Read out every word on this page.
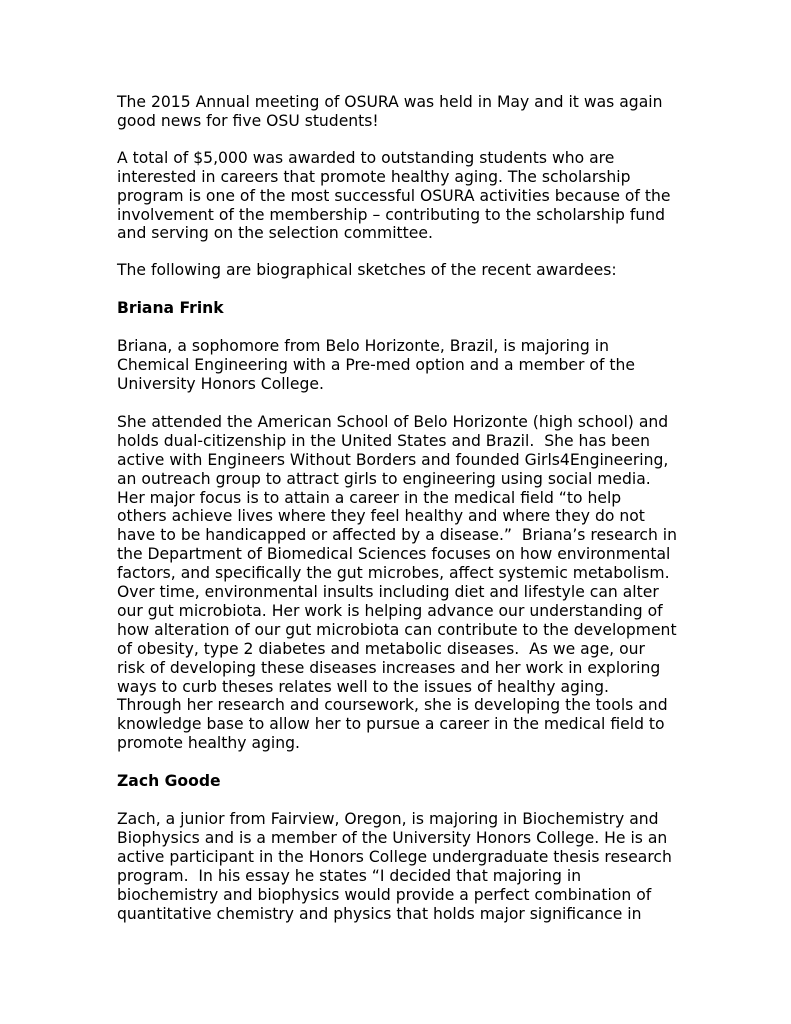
The 2015 Annual meeting of OSURA was held in May and it was again
good news for five OSU students!

A total of $5,000 was awarded to outstanding students who are
interested in careers that promote healthy aging. The scholarship
program is one of the most successful OSURA activities because of the
involvement of the membership – contributing to the scholarship fund
and serving on the selection committee.

The following are biographical sketches of the recent awardees:

Briana Frink

Briana, a sophomore from Belo Horizonte, Brazil, is majoring in
Chemical Engineering with a Pre-med option and a member of the
University Honors College.

She attended the American School of Belo Horizonte (high school) and
holds dual-citizenship in the United States and Brazil.  She has been
active with Engineers Without Borders and founded Girls4Engineering,
an outreach group to attract girls to engineering using social media.
Her major focus is to attain a career in the medical field “to help
others achieve lives where they feel healthy and where they do not
have to be handicapped or affected by a disease.”  Briana’s research in
the Department of Biomedical Sciences focuses on how environmental
factors, and specifically the gut microbes, affect systemic metabolism.
Over time, environmental insults including diet and lifestyle can alter
our gut microbiota. Her work is helping advance our understanding of
how alteration of our gut microbiota can contribute to the development
of obesity, type 2 diabetes and metabolic diseases.  As we age, our
risk of developing these diseases increases and her work in exploring
ways to curb theses relates well to the issues of healthy aging.
Through her research and coursework, she is developing the tools and
knowledge base to allow her to pursue a career in the medical field to
promote healthy aging.

Zach Goode

Zach, a junior from Fairview, Oregon, is majoring in Biochemistry and
Biophysics and is a member of the University Honors College. He is an
active participant in the Honors College undergraduate thesis research
program.  In his essay he states “I decided that majoring in
biochemistry and biophysics would provide a perfect combination of
quantitative chemistry and physics that holds major significance in
